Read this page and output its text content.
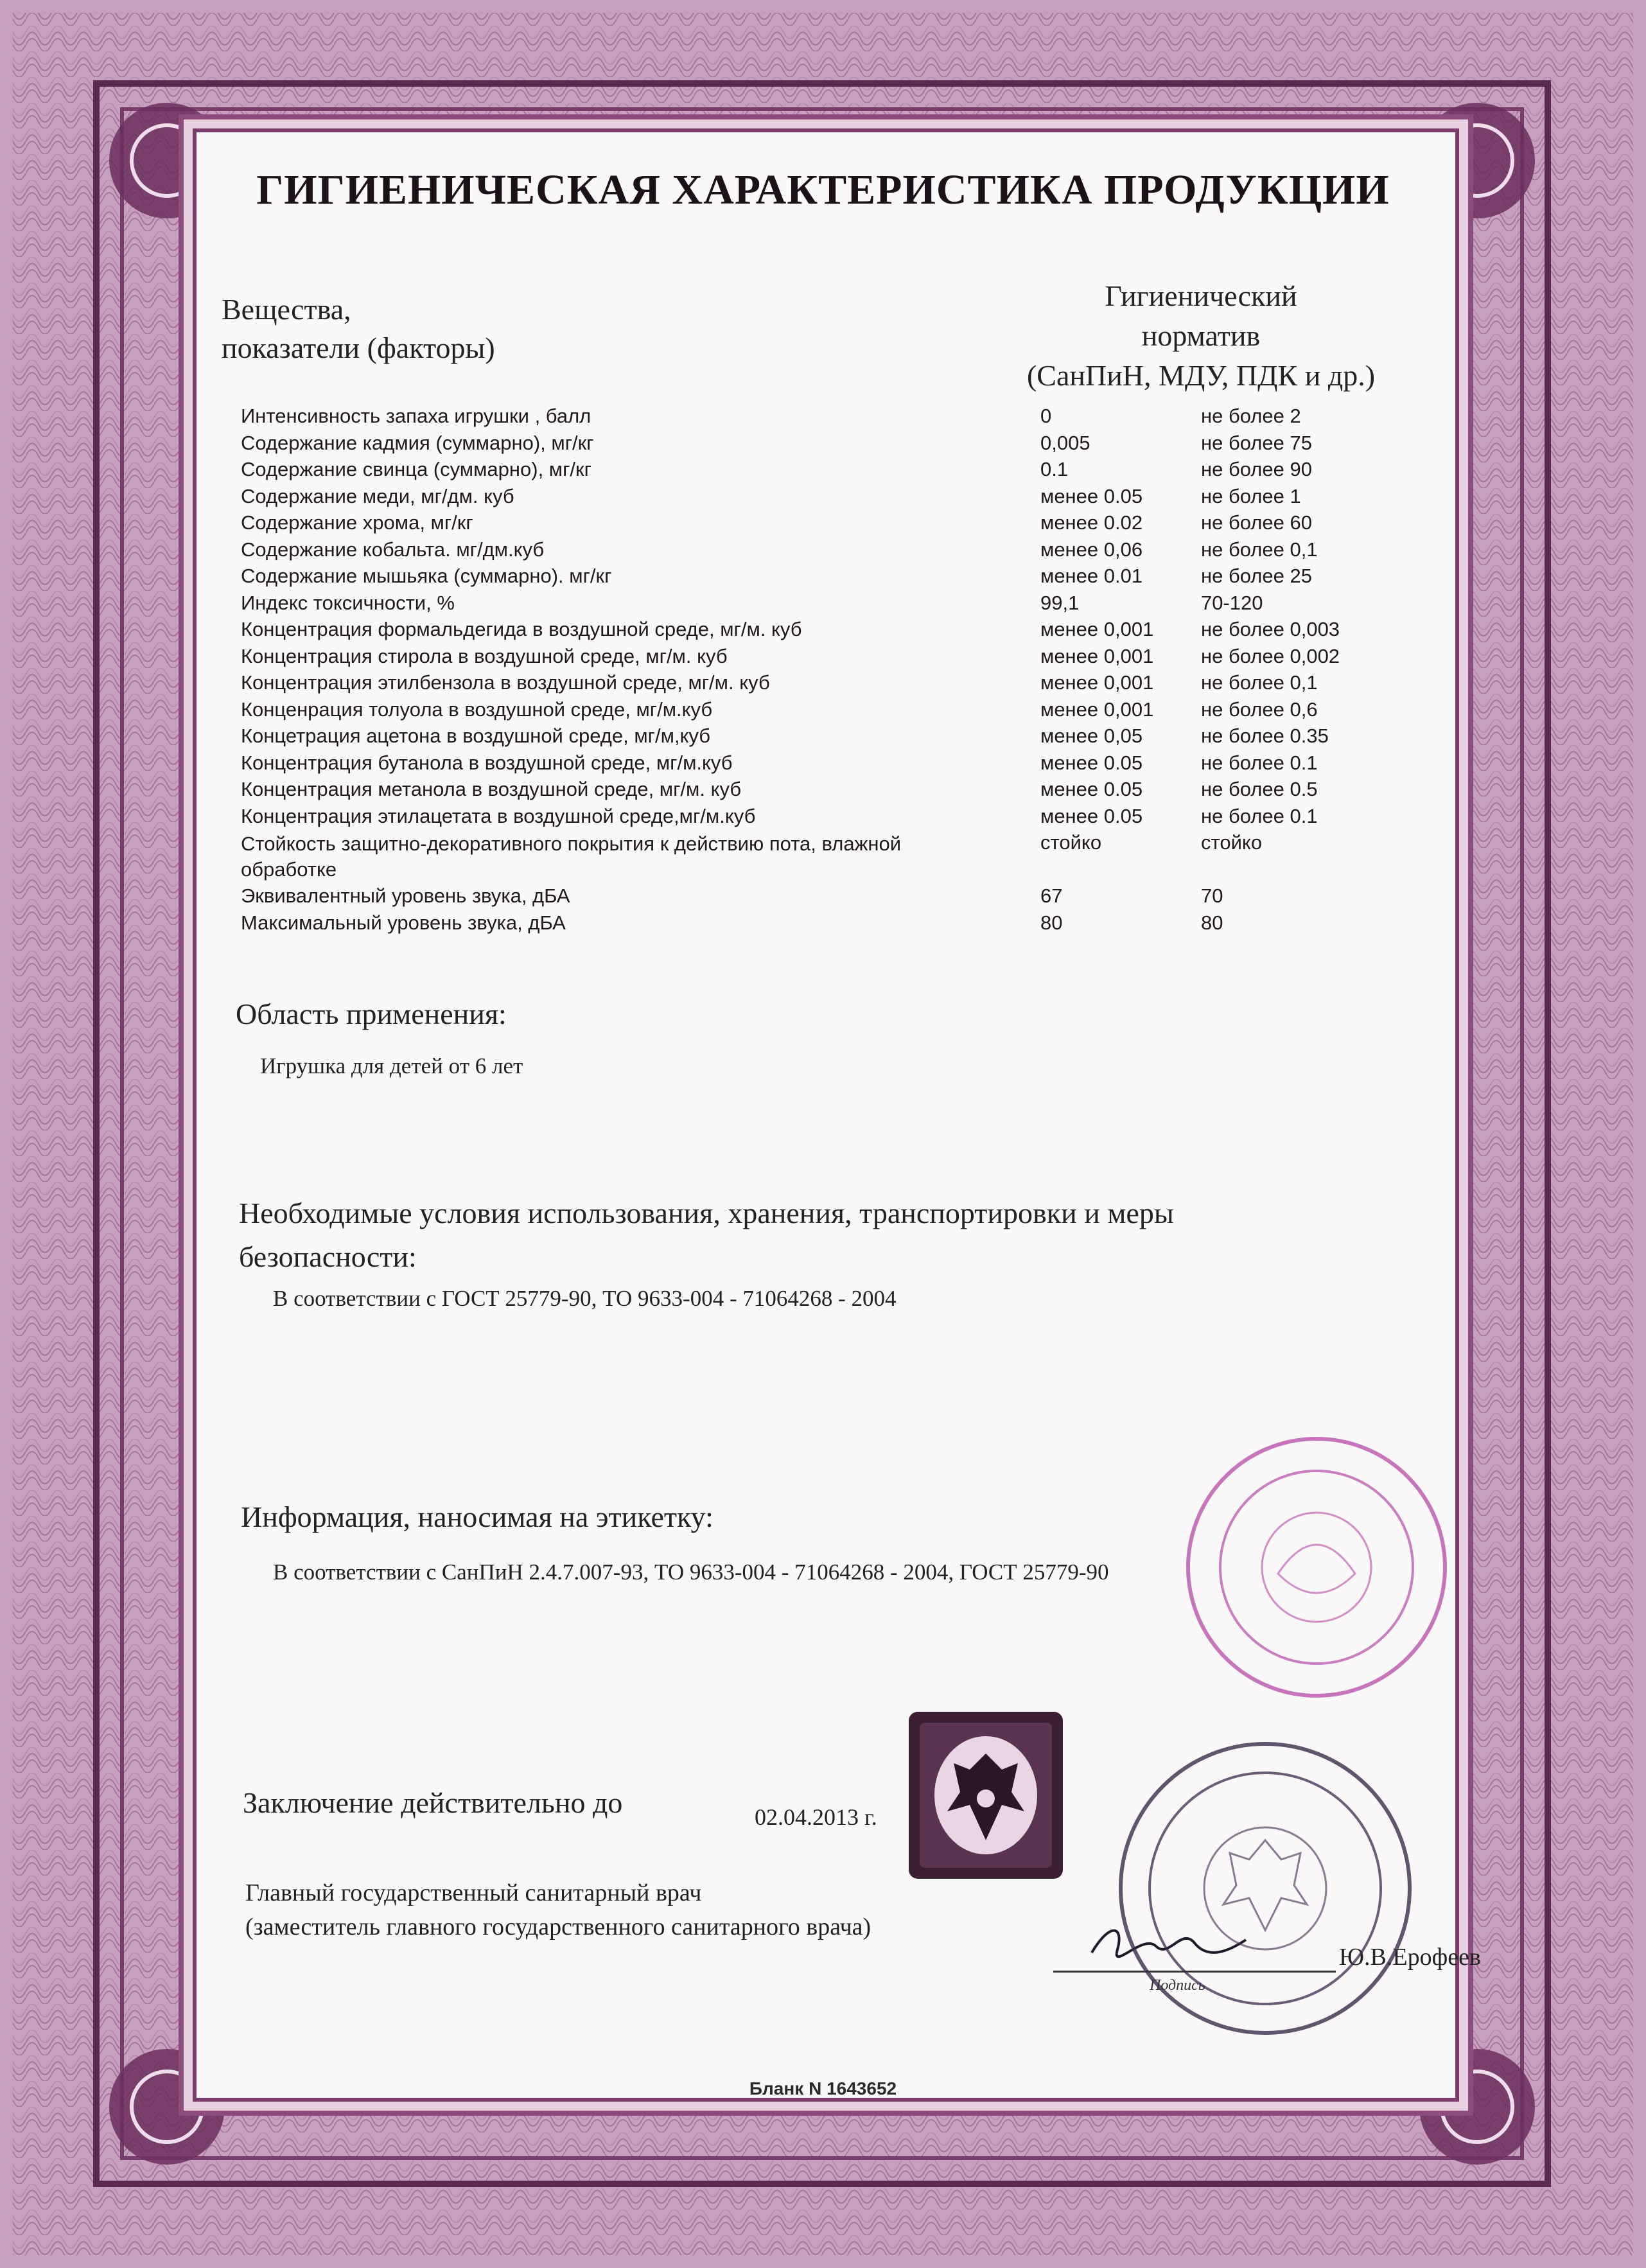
ГИГИЕНИЧЕСКАЯ ХАРАКТЕРИСТИКА ПРОДУКЦИИ
Вещества,
показатели (факторы)
Гигиенический
норматив
(СанПиН, МДУ, ПДК и др.)
Интенсивность запаха игрушки , балл	0	не более 2
Содержание кадмия (суммарно), мг/кг	0,005	не более 75
Содержание свинца (суммарно), мг/кг	0.1	не более 90
Содержание меди, мг/дм. куб	менее 0.05	не более 1
Содержание хрома, мг/кг	менее 0.02	не более 60
Содержание кобальта. мг/дм.куб	менее 0,06	не более 0,1
Содержание мышьяка (суммарно). мг/кг	менее 0.01	не более 25
Индекс токсичности, %	99,1	70-120
Концентрация формальдегида в воздушной среде, мг/м. куб	менее 0,001 не более 0,003
Концентрация стирола в воздушной среде, мг/м. куб	менее 0,001 не более 0,002
Концентрация этилбензола в воздушной среде, мг/м. куб	менее 0,001 не более 0,1
Конценрация толуола в воздушной среде, мг/м.куб	менее 0,001 не более 0,6
Концетрация ацетона в воздушной среде, мг/м,куб	менее 0,05	не более 0.35
Концентрация бутанола в воздушной среде, мг/м.куб	менее 0.05	не более 0.1
Концентрация метанола в воздушной среде, мг/м. куб	менее 0.05	не более 0.5
Концентрация этилацетата в воздушной среде,мг/м.куб	менее 0.05	не более 0.1
Стойкость защитно-декоративного покрытия к действию пота, влажной обработке
стойко	стойко
Эквивалентный уровень звука, дБА	67	70
Максимальный уровень звука, дБА	80	80
Область применения:
Игрушка для детей от 6 лет
Необходимые условия использования, хранения, транспортировки и меры
безопасности:
В соответствии с ГОСТ 25779-90, ТО 9633-004 - 71064268 - 2004
Информация, наносимая на этикетку:
В соответствии с СанПиН 2.4.7.007-93, ТО 9633-004 - 71064268 - 2004, ГОСТ 25779-90
Заключение действительно до	02.04.2013 г.
Главный государственный санитарный врач
(заместитель главного государственного санитарного врача)
Подпись
Ю.В.Ерофеев
Бланк N 1643652
